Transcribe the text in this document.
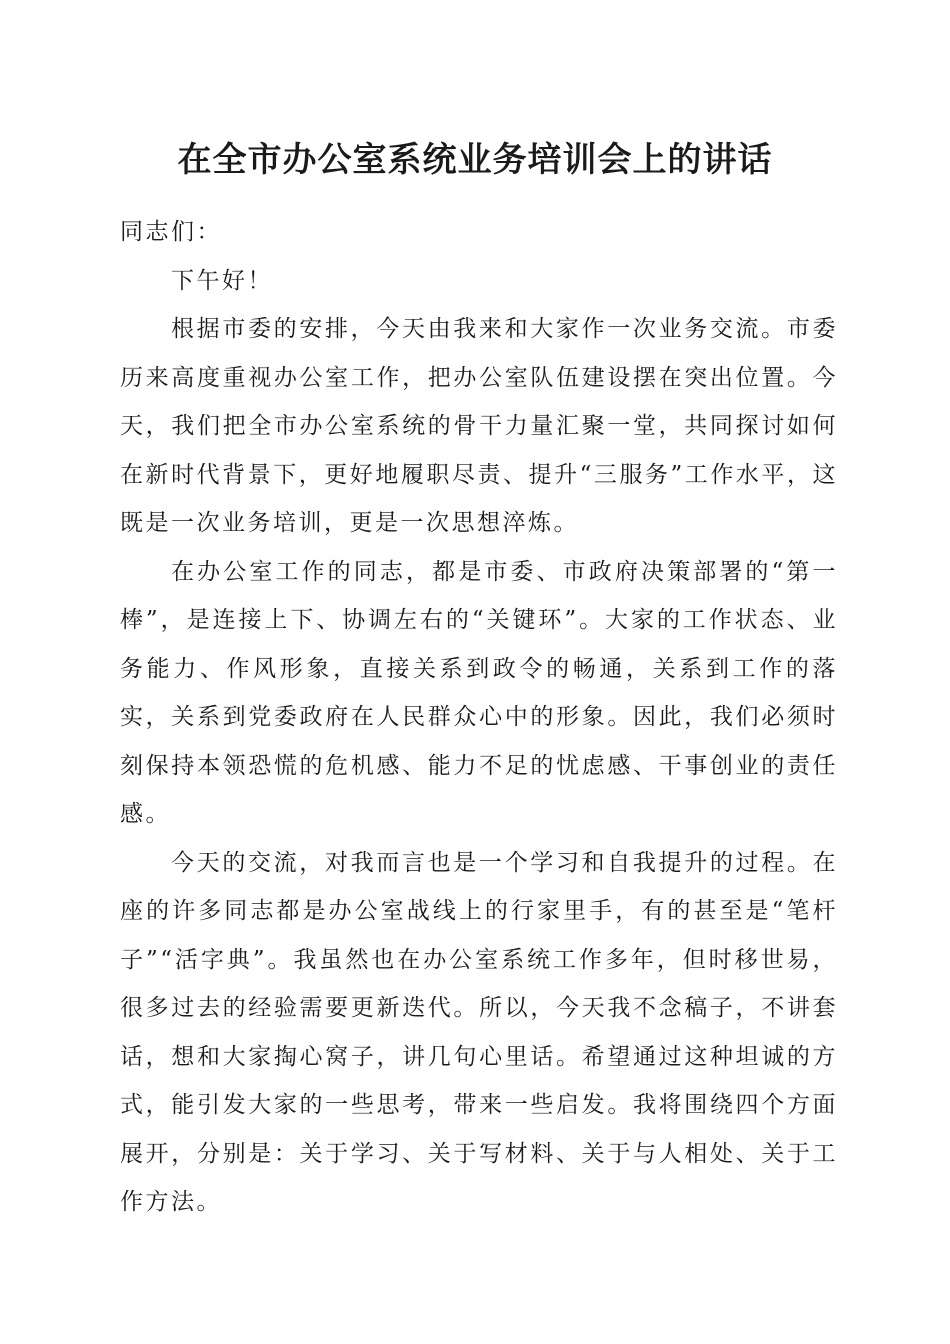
在全市办公室系统业务培训会上的讲话

同志们：

下午好！

根据市委的安排，今天由我来和大家作一次业务交流。市委历来高度重视办公室工作，把办公室队伍建设摆在突出位置。今天，我们把全市办公室系统的骨干力量汇聚一堂，共同探讨如何在新时代背景下，更好地履职尽责、提升“三服务”工作水平，这既是一次业务培训，更是一次思想淬炼。

在办公室工作的同志，都是市委、市政府决策部署的“第一棒”，是连接上下、协调左右的“关键环”。大家的工作状态、业务能力、作风形象，直接关系到政令的畅通，关系到工作的落实，关系到党委政府在人民群众心中的形象。因此，我们必须时刻保持本领恐慌的危机感、能力不足的忧虑感、干事创业的责任感。

今天的交流，对我而言也是一个学习和自我提升的过程。在座的许多同志都是办公室战线上的行家里手，有的甚至是“笔杆子”“活字典”。我虽然也在办公室系统工作多年，但时移世易，很多过去的经验需要更新迭代。所以，今天我不念稿子，不讲套话，想和大家掏心窝子，讲几句心里话。希望通过这种坦诚的方式，能引发大家的一些思考，带来一些启发。我将围绕四个方面展开，分别是：关于学习、关于写材料、关于与人相处、关于工作方法。
